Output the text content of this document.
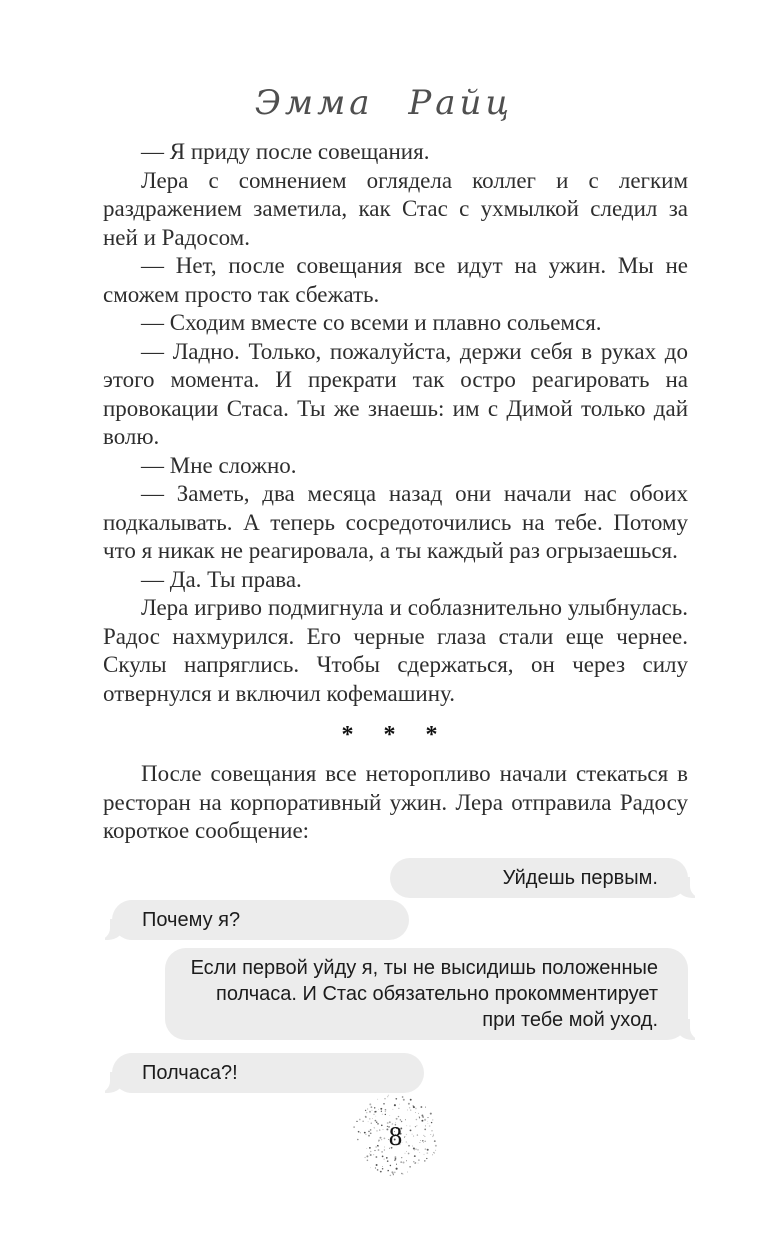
Эмма Райц

— Я приду после совещания.

Лера с сомнением оглядела коллег и с легким раздражением заметила, как Стас с ухмылкой следил за ней и Радосом.

— Нет, после совещания все идут на ужин. Мы не сможем просто так сбежать.

— Сходим вместе со всеми и плавно сольемся.

— Ладно. Только, пожалуйста, держи себя в руках до этого момента. И прекрати так остро реагировать на провокации Стаса. Ты же знаешь: им с Димой только дай волю.

— Мне сложно.

— Заметь, два месяца назад они начали нас обоих подкалывать. А теперь сосредоточились на тебе. Потому что я никак не реагировала, а ты каждый раз огрызаешься.

— Да. Ты права.

Лера игриво подмигнула и соблазнительно улыбнулась. Радос нахмурился. Его черные глаза стали еще чернее. Скулы напряглись. Чтобы сдержаться, он через силу отвернулся и включил кофемашину.

* * *

После совещания все неторопливо начали стекаться в ресторан на корпоративный ужин. Лера отправила Радосу короткое сообщение:

Уйдешь первым.
Почему я?
Если первой уйду я, ты не высидишь положенные полчаса. И Стас обязательно прокомментирует при тебе мой уход.
Полчаса?!
8
